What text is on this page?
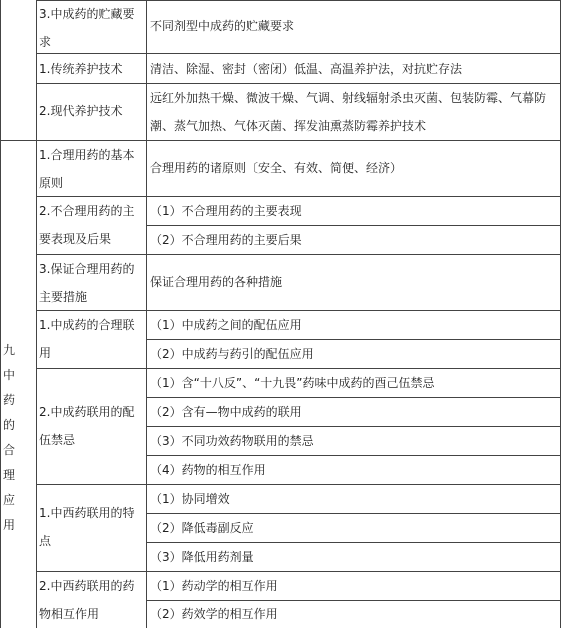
九中药的合理应用
3.中成药的贮藏要求
不同剂型中成药的贮藏要求
1.传统养护技术 清洁、除湿、密封（密闭）低温、高温养护法，对抗贮存法
2.现代养护技术
远红外加热干燥、微波干燥、气调、射线辐射杀虫灭菌、包装防霉、气幕防潮、蒸气加热、气体灭菌、挥发油熏蒸防霉养护技术
1.合理用药的基本原则
合理用药的诸原则〔安全、有效、简便、经济）
2.不合理用药的主要表现及后果
（1）不合理用药的主要表现
（2）不合理用药的主要后果
3.保证合理用药的主要措施
保证合理用药的各种措施
1.中成药的合理联用
（1）中成药之间的配伍应用
（2）中成药与药引的配伍应用
2.中成药联用的配伍禁忌
（1）含“十八反”、“十九畏”药味中成药的酉己伍禁忌
（2）含有—物中成药的联用
（3）不同功效药物联用的禁忌
（4）药物的相互作用
1.中西药联用的特点
（1）协同增效
（2）降低毒副反应
（3）降低用药剂量
2.中西药联用的药物相互作用
（1）药动学的相互作用
（2）药效学的相互作用
